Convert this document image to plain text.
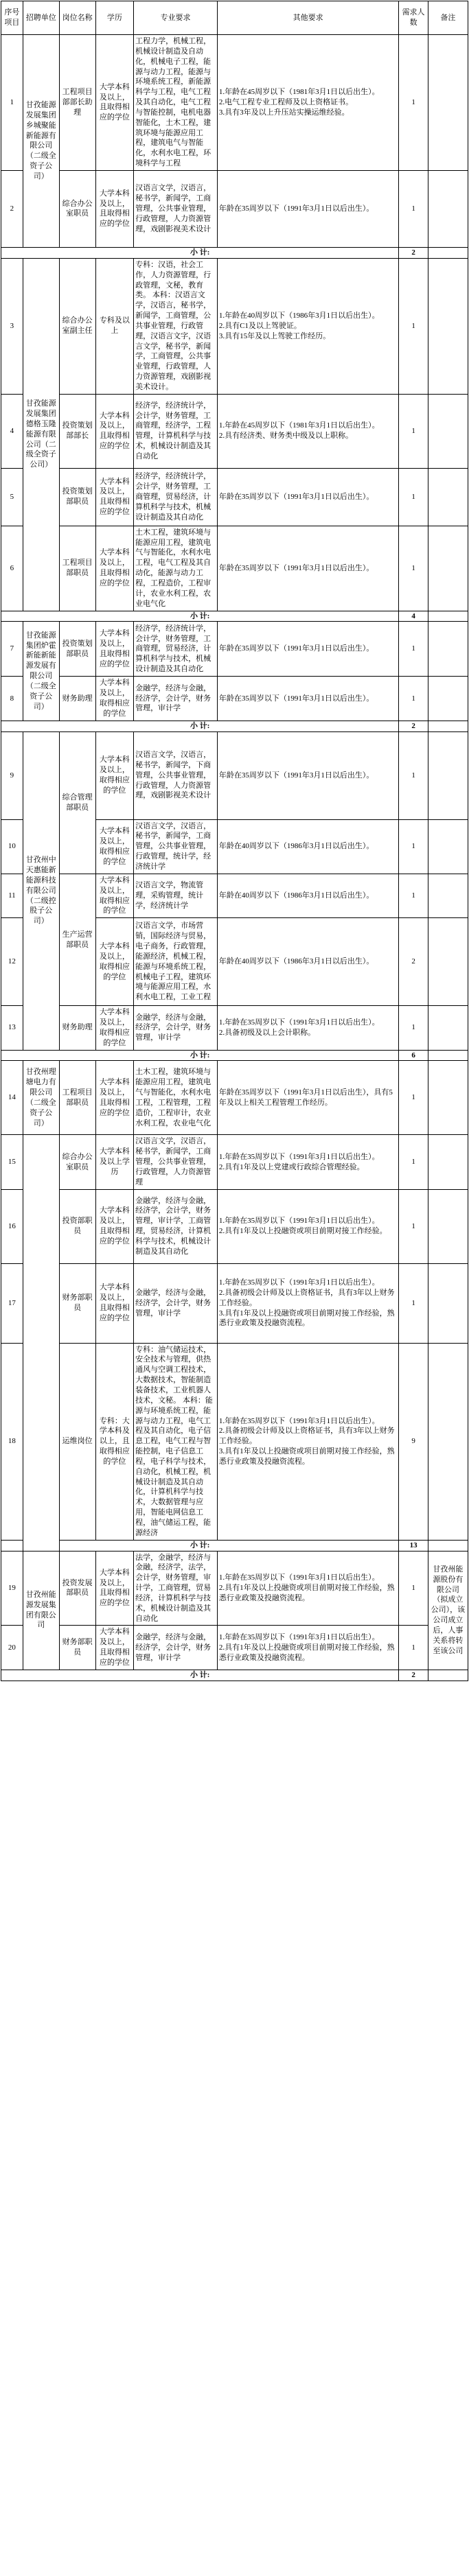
序号项目	招聘单位	岗位名称	学历	专业要求	其他要求	需求人数	备注
1	甘孜能源发展集团乡城聚能新能源有限公司（二级全资子公司）	工程项目部部长助理	大学本科及以上，且取得相应的学位	工程力学，机械工程，机械设计制造及自动化，机械电子工程，能源与动力工程，能源与环境系统工程，新能源科学与工程，电气工程及其自动化，电气工程与智能控制，电机电器智能化，土木工程，建筑环境与能源应用工程，建筑电气与智能化，水利水电工程，环境科学与工程	1.年龄在45周岁以下（1981年3月1日以后出生）。
2.电气工程专业工程师及以上资格证书。
3.具有3年及以上升压站实操运维经验。	1	
2		综合办公室职员	大学本科及以上，且取得相应的学位	汉语言文学，汉语言，秘书学，新闻学，工商管理，公共事业管理，行政管理，人力资源管理，戏剧影视美术设计	年龄在35周岁以下（1991年3月1日以后出生）。	1	
小 计:						2	
3	甘孜能源发展集团德格玉隆能源有限公司（二级全资子公司）	综合办公室副主任	专科及以上	专科：汉语，社会工作，人力资源管理，行政管理，文秘，教育类。 本科：汉语言文学，汉语言，秘书学，新闻学，工商管理，公共事业管理，行政管理，汉语言文字，汉语言文学，秘书学，新闻学，工商管理，公共事业管理，行政管理，人力资源管理，戏剧影视美术设计。	1.年龄在40周岁以下（1986年3月1日以后出生）。
2.具有C1及以上驾驶证。
3.具有15年及以上驾驶工作经历。	1	
4		投资策划部部长	大学本科及以上，且取得相应的学位	经济学，经济统计学，会计学，财务管理，工商管理，经济学，工程管理，计算机科学与技术，机械设计制造及其自动化	1.年龄在45周岁以下（1981年3月1日以后出生）。
2.具有经济类、财务类中级及以上职称。	1	
5		投资策划部职员	大学本科及以上，且取得相应的学位	经济学，经济统计学，会计学，财务管理，工商管理，贸易经济，计算机科学与技术，机械设计制造及其自动化	年龄在35周岁以下（1991年3月1日以后出生）。	1	
6		工程项目部职员	大学本科及以上，且取得相应的学位	土木工程，建筑环境与能源应用工程，建筑电气与智能化，水利水电工程，电气工程及其自动化，能源与动力工程，工程造价，工程审计，农业水利工程，农业电气化	年龄在35周岁以下（1991年3月1日以后出生）。	1	
小 计:						4	
7	甘孜能源集团炉霍新能新能源发展有限公司（二级全资子公司）	投资策划部职员	大学本科及以上，且取得相应的学位	经济学，经济统计学，会计学，财务管理，工商管理，贸易经济，计算机科学与技术，机械设计制造及其自动化	年龄在35周岁以下（1991年3月1日以后出生）。	1	
8		财务助理	大学本科及以上，取得相应的学位	金融学，经济与金融，经济学，会计学，财务管理，审计学	年龄在35周岁以下（1991年3月1日以后出生）。	1	
小 计:						2	
9	甘孜州中天惠能新能源科技有限公司（二级控股子公司）	综合管理部职员	大学本科及以上，取得相应的学位	汉语言文学，汉语言，秘书学，新闻学，下商管理，公共事业管理，行政管理，人力资源管理，戏剧影视美术设计	年龄在35周岁以下（1991年3月1日以后出生）。	1	
10			大学本科及以上，取得相应的学位	汉语言文学，汉语言，秘书学，新闻学，工商管理，公共事业管理，行政管理，统计学，经济统计学	年龄在40周岁以下（1986年3月1日以后出生）。	1	
11		生产运营部职员	大学本科及以上，取得相应的学位	汉语言文学，物流管理，采购管理，统计学，经济统计学	年龄在40周岁以下（1986年3月1日以后出生）。	1	
12			大学本科及以上，取得相应的学位	汉语言文学，市场营销，国际经济与贸易，电子商务，行政管理，能源经济，机械工程，能源与环境系统工程，机械电子工程，建筑环境与能源应用工程，水利水电工程，工业工程	年龄在40周岁以下（1986年3月1日以后出生）。	2	
13		财务助理	大学本科及以上，取得相应的学位	金融学，经济与金融，经济学，会计学，财务管理，审计学	1.年龄在35周岁以下（1991年3月1日以后出生）。
2.具备初级及以上会计职称。	1	
小 计:						6	
14	甘孜州理塘电力有限公司（二级全资子公司）	工程项目部职员	大学本科及以上，且取得相应的学位	土木工程，建筑环境与能源应用工程，建筑电气与智能化，水利水电工程，工程管理，工程造价，工程审计，农业水利工程，农业电气化	年龄在35周岁以下（1991年3月1日以后出生），具有5年及以上相关工程管理工作经历。	1	
15		综合办公室职员	大学本科及以上学历	汉语言文学，汉语言，秘书学，新闻学，工商管理，公共事业管理，行政管理，人力资源管理	1.年龄在35周岁以下（1991年3月1日以后出生）。
2.具有1年及以上党建或行政综合管理经验。	1	
16		投资部职员	大学本科及以上，且取得相应的学位	金融学，经济与金融，经济学，会计学，财务管理，审计学，工商管理，贸易经济，计算机科学与技术，机械设计制造及其自动化	1.年龄在35周岁以下（1991年3月1日以后出生）。
2.具有1年及以上投融资或项目前期对接工作经验。	1	
17		财务部职员	大学本科及以上，且取得相应的学位	金融学，经济与金融，经济学，会计学，财务管理，审计学	1.年龄在35周岁以下（1991年3月1日以后出生）。
2.具备初级会计师及以上资格证书，具有3年以上财务工作经验。
3.具有1年及以上投融资或项目前期对接工作经验，熟悉行业政策及投融资流程。	1	
18		运维岗位	专科：大学本科及以上，且取得相应的学位	专科：油气储运技术，安全技术与管理，供热通风与空调工程技术，大数据技术，智能制造装备技术，工业机器人技术，文秘。 本科：能源与环境系统工程，能源与动力工程，电气工程及其自动化，电子信息工程，电气工程与智能控制，电子信息工程，电子科学与技术，自动化，机械工程，机械设计制造及其自动化，计算机科学与技术，大数据管理与应用，智能电网信息工程，油气储运工程，能源经济	1.年龄在35周岁以下（1991年3月1日以后出生）。
2.具备初级会计师及以上资格证书，具有3年以上财务工作经验。
3.具有1年及以上投融资或项目前期对接工作经验，熟悉行业政策及投融资流程。	9	
小 计:						13	
19	甘孜州能源发展集团有限公司	投资发展部职员	大学本科及以上，且取得相应的学位	法学，金融学，经济与金融，经济学，法学，会计学，财务管理，审计学，工商管理，贸易经济，计算机科学与技术，机械设计制造及其自动化	1.年龄在35周岁以下（1991年3月1日以后出生）。
2.具有1年及以上投融资或项目前期对接工作经验，熟悉行业政策及投融资流程。	1	甘孜州能源股份有限公司（拟成立公司），该公司成立后，人事关系将转至该公司
20		财务部职员	大学本科及以上，且取得相应的学位	金融学，经济与金融，经济学，会计学，财务管理，审计学	1.年龄在35周岁以下（1991年3月1日以后出生）。
2.具有1年及以上投融资或项目前期对接工作经验，熟悉行业政策及投融资流程。	1	
小 计:						2	
